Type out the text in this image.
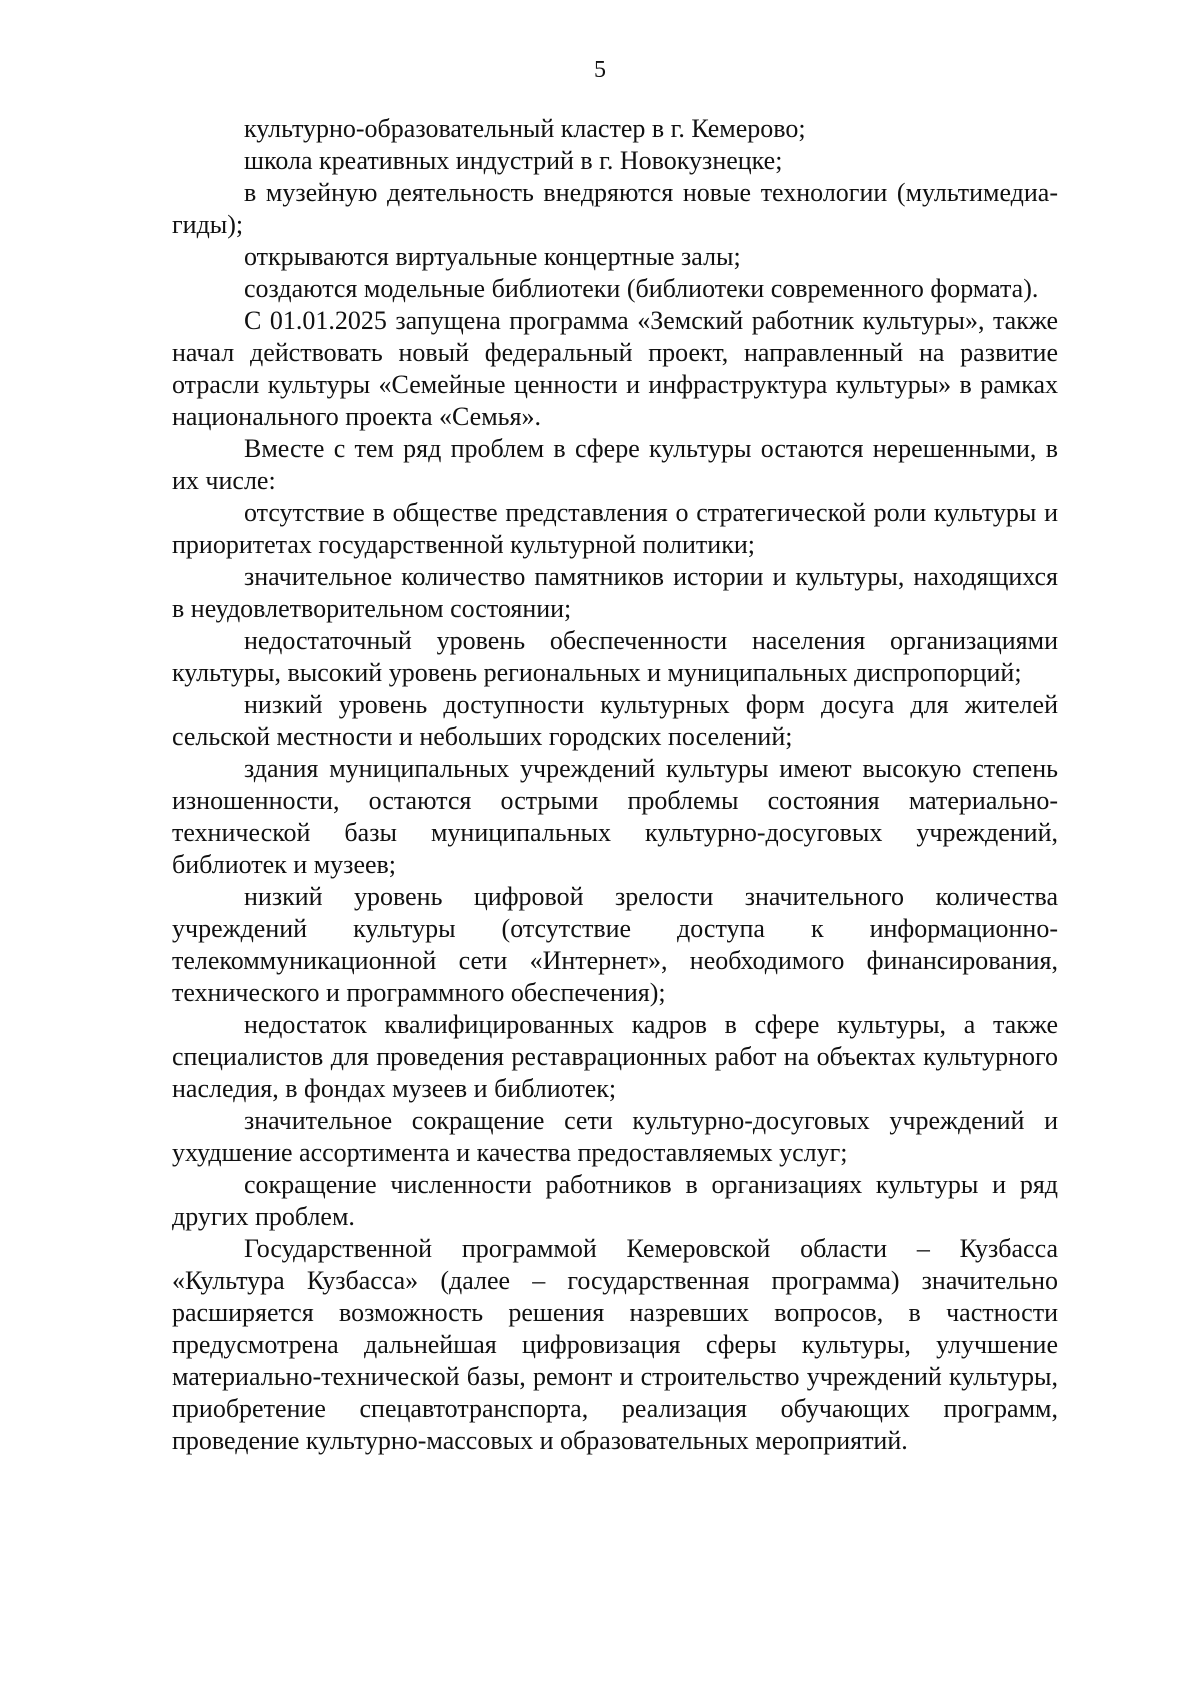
5

культурно-образовательный кластер в г. Кемерово;

школа креативных индустрий в г. Новокузнецке;

в музейную деятельность внедряются новые технологии (мультимедиа-гиды);

открываются виртуальные концертные залы;

создаются модельные библиотеки (библиотеки современного формата).

С 01.01.2025 запущена программа «Земский работник культуры», также начал действовать новый федеральный проект, направленный на развитие отрасли культуры «Семейные ценности и инфраструктура культуры» в рамках национального проекта «Семья».

Вместе с тем ряд проблем в сфере культуры остаются нерешенными, в их числе:

отсутствие в обществе представления о стратегической роли культуры и приоритетах государственной культурной политики;

значительное количество памятников истории и культуры, находящихся в неудовлетворительном состоянии;

недостаточный уровень обеспеченности населения организациями культуры, высокий уровень региональных и муниципальных диспропорций;

низкий уровень доступности культурных форм досуга для жителей сельской местности и небольших городских поселений;

здания муниципальных учреждений культуры имеют высокую степень изношенности, остаются острыми проблемы состояния материально-технической базы муниципальных культурно-досуговых учреждений, библиотек и музеев;

низкий уровень цифровой зрелости значительного количества учреждений культуры (отсутствие доступа к информационно-телекоммуникационной сети «Интернет», необходимого финансирования, технического и программного обеспечения);

недостаток квалифицированных кадров в сфере культуры, а также специалистов для проведения реставрационных работ на объектах культурного наследия, в фондах музеев и библиотек;

значительное сокращение сети культурно-досуговых учреждений и ухудшение ассортимента и качества предоставляемых услуг;

сокращение численности работников в организациях культуры и ряд других проблем.

Государственной программой Кемеровской области – Кузбасса «Культура Кузбасса» (далее – государственная программа) значительно расширяется возможность решения назревших вопросов, в частности предусмотрена дальнейшая цифровизация сферы культуры, улучшение материально-технической базы, ремонт и строительство учреждений культуры, приобретение спецавтотранспорта, реализация обучающих программ, проведение культурно-массовых и образовательных мероприятий.
